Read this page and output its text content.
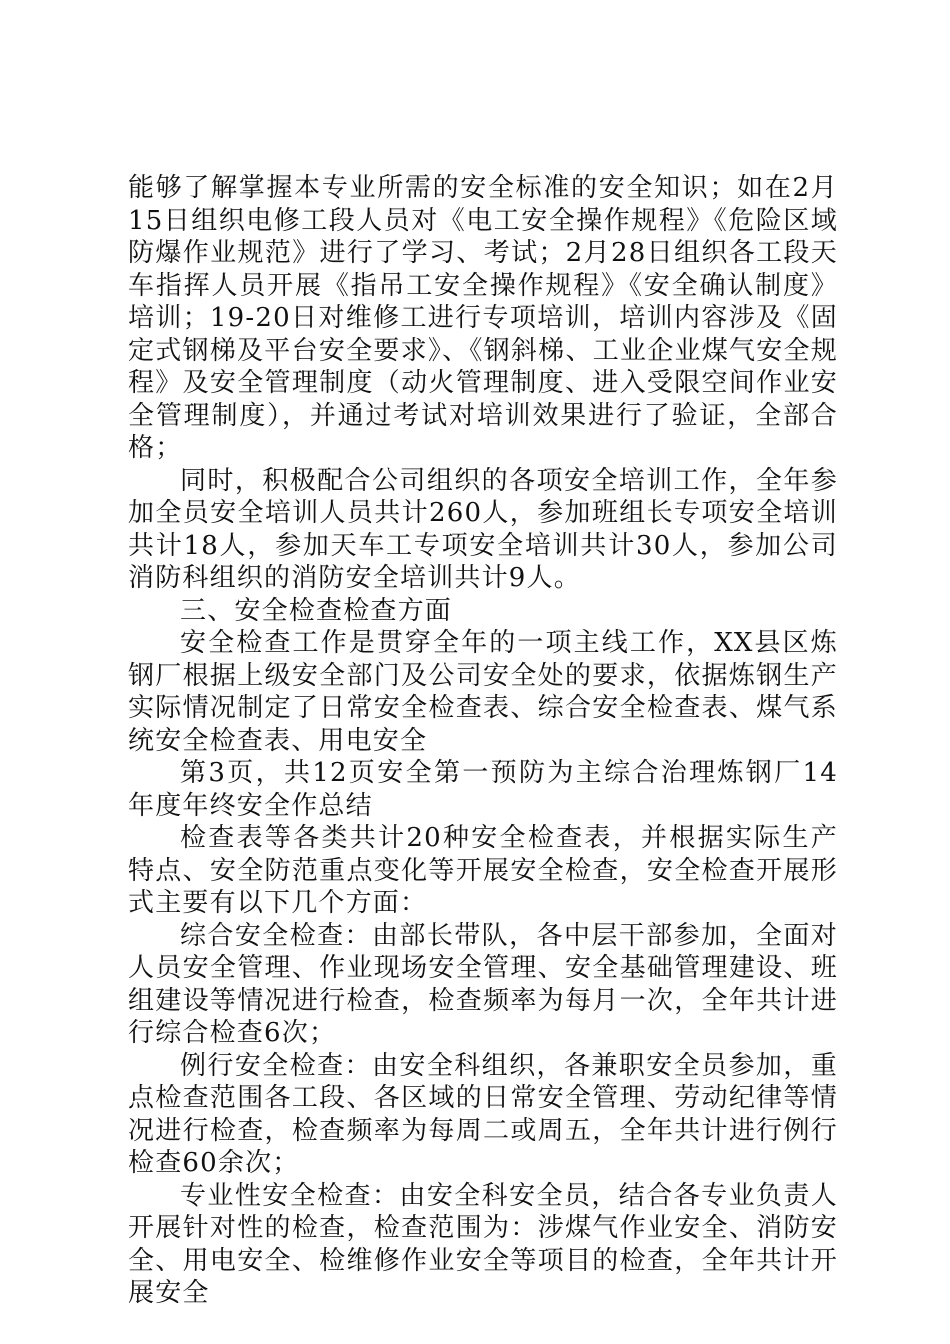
能够了解掌握本专业所需的安全标准的安全知识；如在2月15日组织电修工段人员对《电工安全操作规程》《危险区域防爆作业规范》进行了学习、考试；2月28日组织各工段天车指挥人员开展《指吊工安全操作规程》《安全确认制度》培训；19-20日对维修工进行专项培训，培训内容涉及《固定式钢梯及平台安全要求》、《钢斜梯、工业企业煤气安全规程》及安全管理制度（动火管理制度、进入受限空间作业安全管理制度），并通过考试对培训效果进行了验证，全部合格；

同时，积极配合公司组织的各项安全培训工作，全年参加全员安全培训人员共计260人，参加班组长专项安全培训共计18人，参加天车工专项安全培训共计30人，参加公司消防科组织的消防安全培训共计9人。

三、安全检查检查方面

安全检查工作是贯穿全年的一项主线工作，XX县区炼钢厂根据上级安全部门及公司安全处的要求，依据炼钢生产实际情况制定了日常安全检查表、综合安全检查表、煤气系统安全检查表、用电安全

第3页，共12页安全第一预防为主综合治理炼钢厂14年度年终安全作总结

检查表等各类共计20种安全检查表，并根据实际生产特点、安全防范重点变化等开展安全检查，安全检查开展形式主要有以下几个方面：

综合安全检查：由部长带队，各中层干部参加，全面对人员安全管理、作业现场安全管理、安全基础管理建设、班组建设等情况进行检查，检查频率为每月一次，全年共计进行综合检查6次；

例行安全检查：由安全科组织，各兼职安全员参加，重点检查范围各工段、各区域的日常安全管理、劳动纪律等情况进行检查，检查频率为每周二或周五，全年共计进行例行检查60余次；

专业性安全检查：由安全科安全员，结合各专业负责人开展针对性的检查，检查范围为：涉煤气作业安全、消防安全、用电安全、检维修作业安全等项目的检查，全年共计开展安全
